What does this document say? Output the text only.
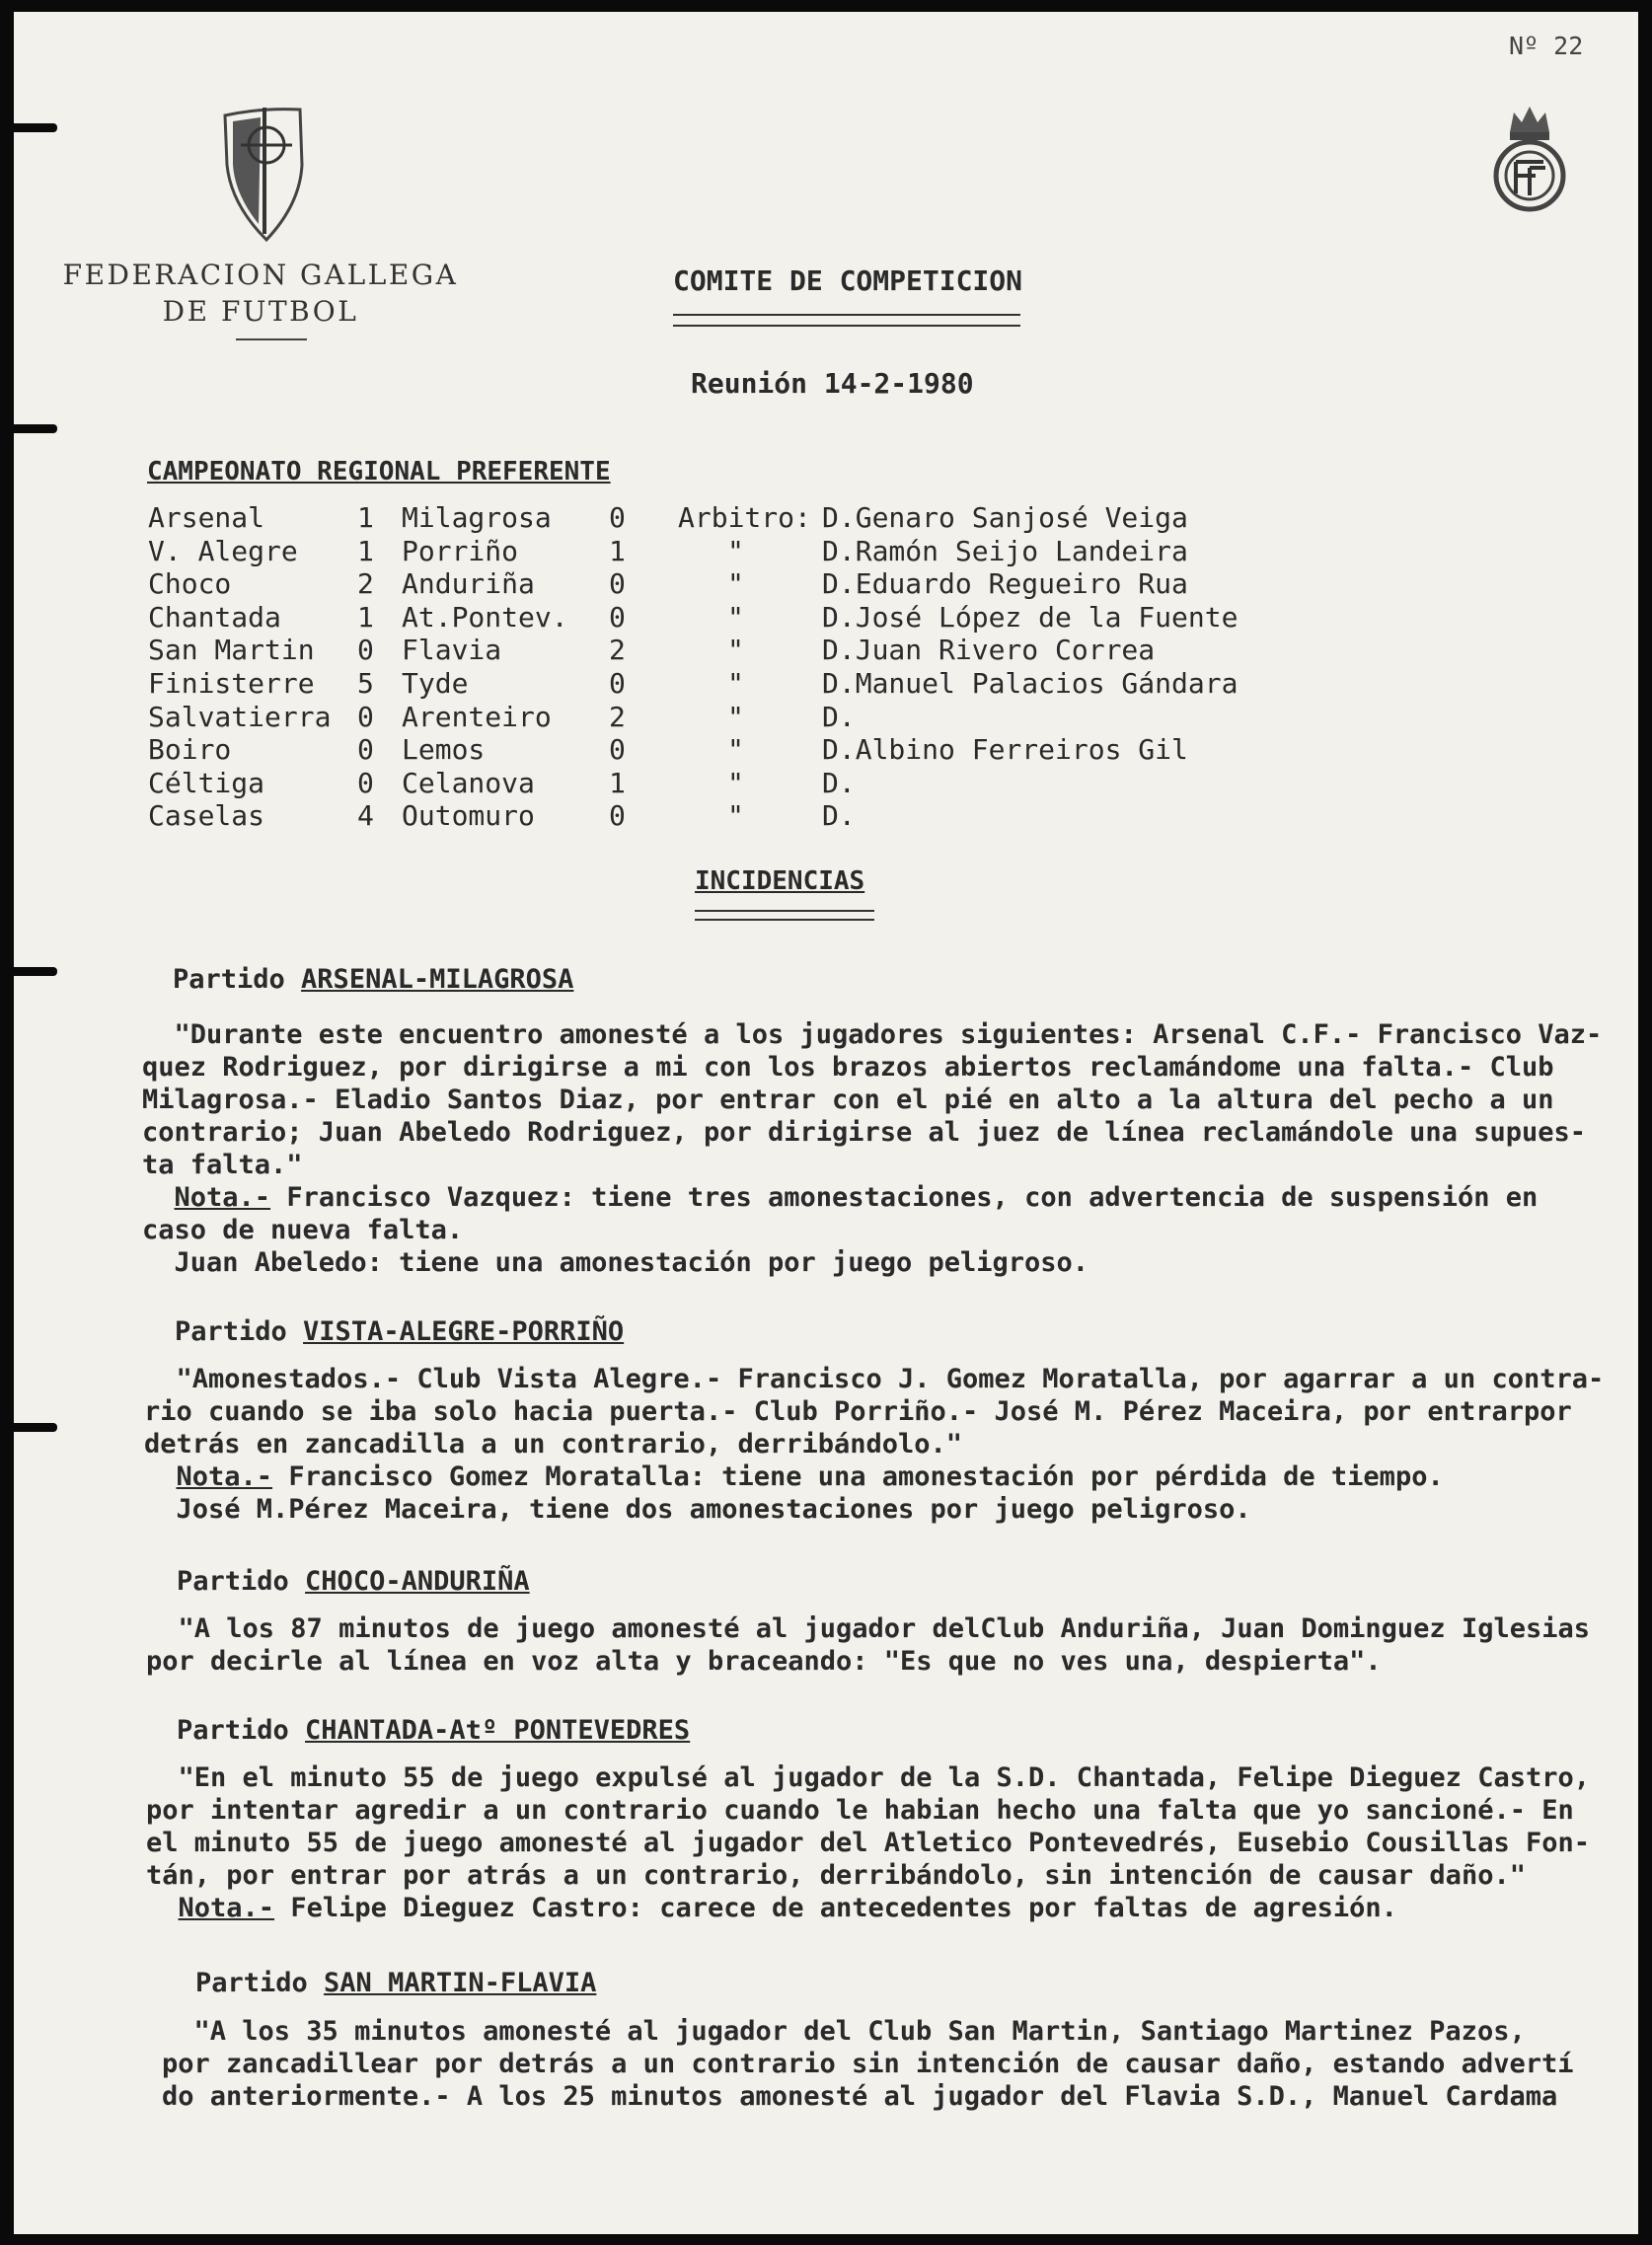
Nº 22
FEDERACION GALLEGA
DE FUTBOL
COMITE DE COMPETICION
Reunión 14-2-1980
CAMPEONATO REGIONAL PREFERENTE
Arsenal	1	Milagrosa	0	Arbitro:	D.Genaro Sanjosé Veiga
V. Alegre	1	Porriño	1	"	D.Ramón Seijo Landeira
Choco	2	Anduriña	0	"	D.Eduardo Regueiro Rua
Chantada	1	At.Pontev.	0	"	D.José López de la Fuente
San Martin	0	Flavia	2	"	D.Juan Rivero Correa
Finisterre	5	Tyde	0	"	D.Manuel Palacios Gándara
Salvatierra	0	Arenteiro	2	"	D.
Boiro	0	Lemos	0	"	D.Albino Ferreiros Gil
Céltiga	0	Celanova	1	"	D.
Caselas	4	Outomuro	0	"	D.
INCIDENCIAS
Partido ARSENAL-MILAGROSA
"Durante este encuentro amonesté a los jugadores siguientes: Arsenal C.F.- Francisco Vaz-
quez Rodriguez, por dirigirse a mi con los brazos abiertos reclamándome una falta.- Club
Milagrosa.- Eladio Santos Diaz, por entrar con el pié en alto a la altura del pecho a un
contrario; Juan Abeledo Rodriguez, por dirigirse al juez de línea reclamándole una supues-
ta falta."
Nota.- Francisco Vazquez: tiene tres amonestaciones, con advertencia de suspensión en
caso de nueva falta.
Juan Abeledo: tiene una amonestación por juego peligroso.
Partido VISTA-ALEGRE-PORRIÑO
"Amonestados.- Club Vista Alegre.- Francisco J. Gomez Moratalla, por agarrar a un contra-
rio cuando se iba solo hacia puerta.- Club Porriño.- José M. Pérez Maceira, por entrarpor
detrás en zancadilla a un contrario, derribándolo."
Nota.- Francisco Gomez Moratalla: tiene una amonestación por pérdida de tiempo.
José M.Pérez Maceira, tiene dos amonestaciones por juego peligroso.
Partido CHOCO-ANDURIÑA
"A los 87 minutos de juego amonesté al jugador delClub Anduriña, Juan Dominguez Iglesias
por decirle al línea en voz alta y braceando: "Es que no ves una, despierta".
Partido CHANTADA-Atº PONTEVEDRES
"En el minuto 55 de juego expulsé al jugador de la S.D. Chantada, Felipe Dieguez Castro,
por intentar agredir a un contrario cuando le habian hecho una falta que yo sancioné.- En
el minuto 55 de juego amonesté al jugador del Atletico Pontevedrés, Eusebio Cousillas Fon-
tán, por entrar por atrás a un contrario, derribándolo, sin intención de causar daño."
Nota.- Felipe Dieguez Castro: carece de antecedentes por faltas de agresión.
Partido SAN MARTIN-FLAVIA
"A los 35 minutos amonesté al jugador del Club San Martin, Santiago Martinez Pazos,
por zancadillear por detrás a un contrario sin intención de causar daño, estando advertí
do anteriormente.- A los 25 minutos amonesté al jugador del Flavia S.D., Manuel Cardama
